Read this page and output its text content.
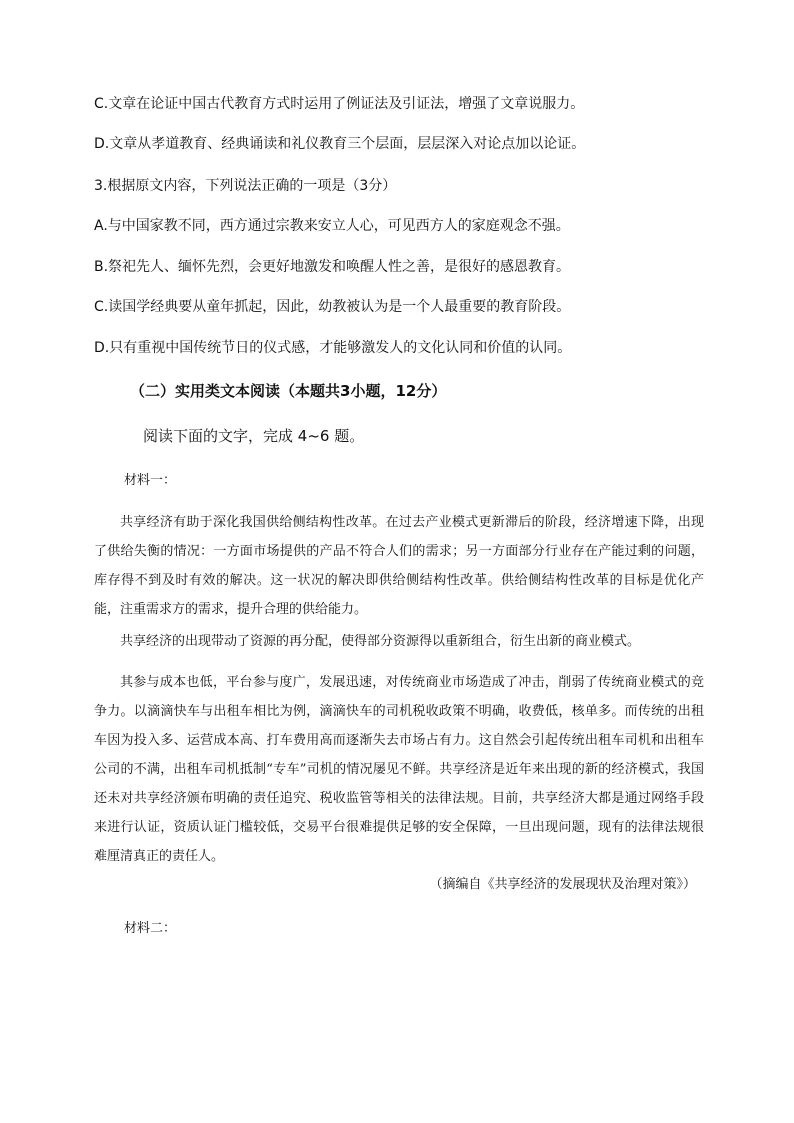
C.文章在论证中国古代教育方式时运用了例证法及引证法，增强了文章说服力。
D.文章从孝道教育、经典诵读和礼仪教育三个层面，层层深入对论点加以论证。
3.根据原文内容，下列说法正确的一项是（3分）
A.与中国家教不同，西方通过宗教来安立人心，可见西方人的家庭观念不强。
B.祭祀先人、缅怀先烈，会更好地激发和唤醒人性之善，是很好的感恩教育。
C.读国学经典要从童年抓起，因此，幼教被认为是一个人最重要的教育阶段。
D.只有重视中国传统节日的仪式感，才能够激发人的文化认同和价值的认同。
（二）实用类文本阅读（本题共3小题，12分）
阅读下面的文字，完成 4~6 题。
材料一：

共享经济有助于深化我国供给侧结构性改革。在过去产业模式更新滞后的阶段，经济增速下降，出现了供给失衡的情况：一方面市场提供的产品不符合人们的需求；另一方面部分行业存在产能过剩的问题，库存得不到及时有效的解决。这一状况的解决即供给侧结构性改革。供给侧结构性改革的目标是优化产能，注重需求方的需求，提升合理的供给能力。

共享经济的出现带动了资源的再分配，使得部分资源得以重新组合，衍生出新的商业模式。

其参与成本也低，平台参与度广，发展迅速，对传统商业市场造成了冲击，削弱了传统商业模式的竞争力。以滴滴快车与出租车相比为例，滴滴快车的司机税收政策不明确，收费低，核单多。而传统的出租车因为投入多、运营成本高、打车费用高而逐渐失去市场占有力。这自然会引起传统出租车司机和出租车公司的不满，出租车司机抵制“专车”司机的情况屡见不鲜。共享经济是近年来出现的新的经济模式，我国还未对共享经济颁布明确的责任追究、税收监管等相关的法律法规。目前，共享经济大都是通过网络手段来进行认证，资质认证门槛较低，交易平台很难提供足够的安全保障，一旦出现问题，现有的法律法规很难厘清真正的责任人。

（摘编自《共享经济的发展现状及治理对策》）
材料二：
